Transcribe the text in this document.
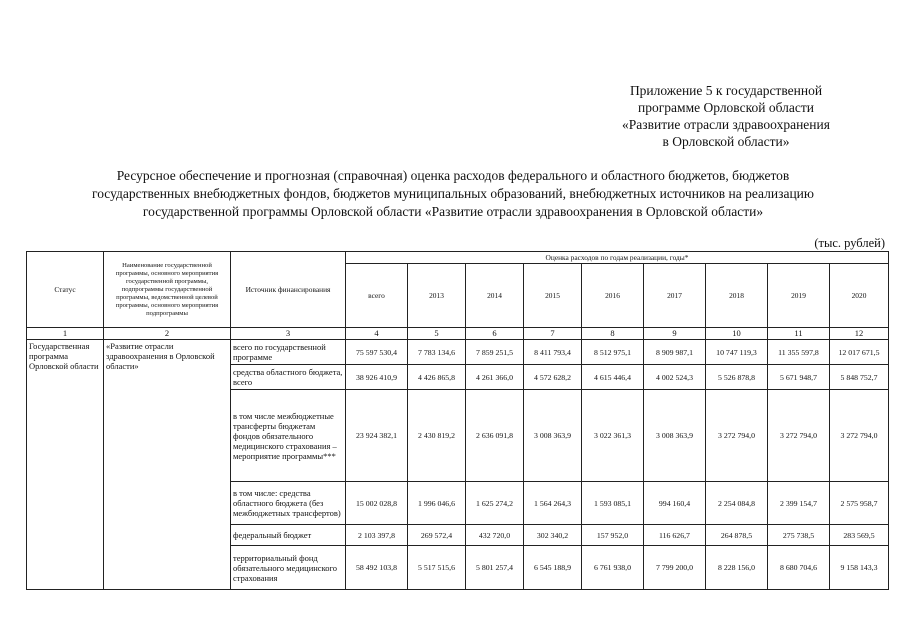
Приложение 5 к государственной
программе Орловской области
«Развитие отрасли здравоохранения
в Орловской области»
Ресурсное обеспечение и прогнозная (справочная) оценка расходов федерального и областного бюджетов, бюджетов
государственных внебюджетных фондов, бюджетов муниципальных образований, внебюджетных источников на реализацию
государственной программы Орловской области «Развитие отрасли здравоохранения в Орловской области»
(тыс. рублей)
Статус	Наименование государственной программы, основного мероприятия государственной программы, подпрограммы государственной программы, ведомственной целевой программы, основного мероприятия подпрограммы	Источник финансирования	Оценка расходов по годам реализации, годы*								
			всего	2013	2014	2015	2016	2017	2018	2019	2020
1	2	3	4	5	6	7	8	9	10	11	12
Государственная программа Орловской области	«Развитие отрасли здравоохранения в Орловской области»	всего по государственной программе	75 597 530,4	7 783 134,6	7 859 251,5	8 411 793,4	8 512 975,1	8 909 987,1	10 747 119,3	11 355 597,8	12 017 671,5
		средства областного бюджета, всего	38 926 410,9	4 426 865,8	4 261 366,0	4 572 628,2	4 615 446,4	4 002 524,3	5 526 878,8	5 671 948,7	5 848 752,7
		в том числе межбюджетные трансферты бюджетам фондов обязательного медицинского страхования – мероприятие программы***	23 924 382,1	2 430 819,2	2 636 091,8	3 008 363,9	3 022 361,3	3 008 363,9	3 272 794,0	3 272 794,0	3 272 794,0
		в том числе: средства областного бюджета (без межбюджетных трансфертов)	15 002 028,8	1 996 046,6	1 625 274,2	1 564 264,3	1 593 085,1	994 160,4	2 254 084,8	2 399 154,7	2 575 958,7
		федеральный бюджет	2 103 397,8	269 572,4	432 720,0	302 340,2	157 952,0	116 626,7	264 878,5	275 738,5	283 569,5
		территориальный фонд обязательного медицинского страхования	58 492 103,8	5 517 515,6	5 801 257,4	6 545 188,9	6 761 938,0	7 799 200,0	8 228 156,0	8 680 704,6	9 158 143,3
